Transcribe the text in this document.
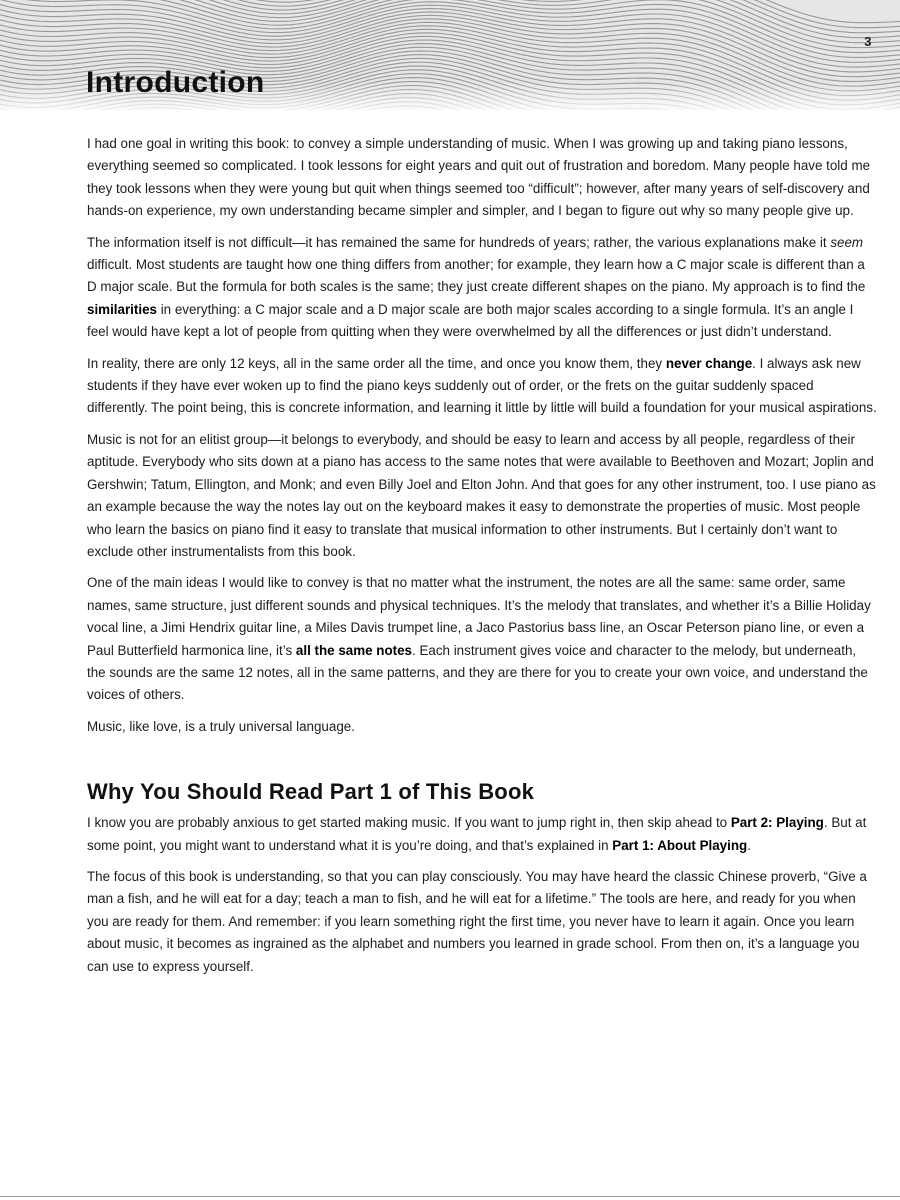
3
Introduction

I had one goal in writing this book: to convey a simple understanding of music. When I was growing up and taking piano lessons, everything seemed so complicated. I took lessons for eight years and quit out of frustration and boredom. Many people have told me they took lessons when they were young but quit when things seemed too “difficult”; however, after many years of self-discovery and hands-on experience, my own understanding became simpler and simpler, and I began to figure out why so many people give up.

The information itself is not difficult—it has remained the same for hundreds of years; rather, the various explanations make it seem difficult. Most students are taught how one thing differs from another; for example, they learn how a C major scale is different than a D major scale. But the formula for both scales is the same; they just create different shapes on the piano. My approach is to find the similarities in everything: a C major scale and a D major scale are both major scales according to a single formula. It’s an angle I feel would have kept a lot of people from quitting when they were overwhelmed by all the differences or just didn’t understand.

In reality, there are only 12 keys, all in the same order all the time, and once you know them, they never change. I always ask new students if they have ever woken up to find the piano keys suddenly out of order, or the frets on the guitar suddenly spaced differently. The point being, this is concrete information, and learning it little by little will build a foundation for your musical aspirations.

Music is not for an elitist group—it belongs to everybody, and should be easy to learn and access by all people, regardless of their aptitude. Everybody who sits down at a piano has access to the same notes that were available to Beethoven and Mozart; Joplin and Gershwin; Tatum, Ellington, and Monk; and even Billy Joel and Elton John. And that goes for any other instrument, too. I use piano as an example because the way the notes lay out on the keyboard makes it easy to demonstrate the properties of music. Most people who learn the basics on piano find it easy to translate that musical information to other instruments. But I certainly don’t want to exclude other instrumentalists from this book.

One of the main ideas I would like to convey is that no matter what the instrument, the notes are all the same: same order, same names, same structure, just different sounds and physical techniques. It’s the melody that translates, and whether it’s a Billie Holiday vocal line, a Jimi Hendrix guitar line, a Miles Davis trumpet line, a Jaco Pastorius bass line, an Oscar Peterson piano line, or even a Paul Butterfield harmonica line, it’s all the same notes. Each instrument gives voice and character to the melody, but underneath, the sounds are the same 12 notes, all in the same patterns, and they are there for you to create your own voice, and understand the voices of others.

Music, like love, is a truly universal language.

Why You Should Read Part 1 of This Book

I know you are probably anxious to get started making music. If you want to jump right in, then skip ahead to Part 2: Playing. But at some point, you might want to understand what it is you’re doing, and that’s explained in Part 1: About Playing.

The focus of this book is understanding, so that you can play consciously. You may have heard the classic Chinese proverb, “Give a man a fish, and he will eat for a day; teach a man to fish, and he will eat for a lifetime.” The tools are here, and ready for you when you are ready for them. And remember: if you learn something right the first time, you never have to learn it again. Once you learn about music, it becomes as ingrained as the alphabet and numbers you learned in grade school. From then on, it’s a language you can use to express yourself.
